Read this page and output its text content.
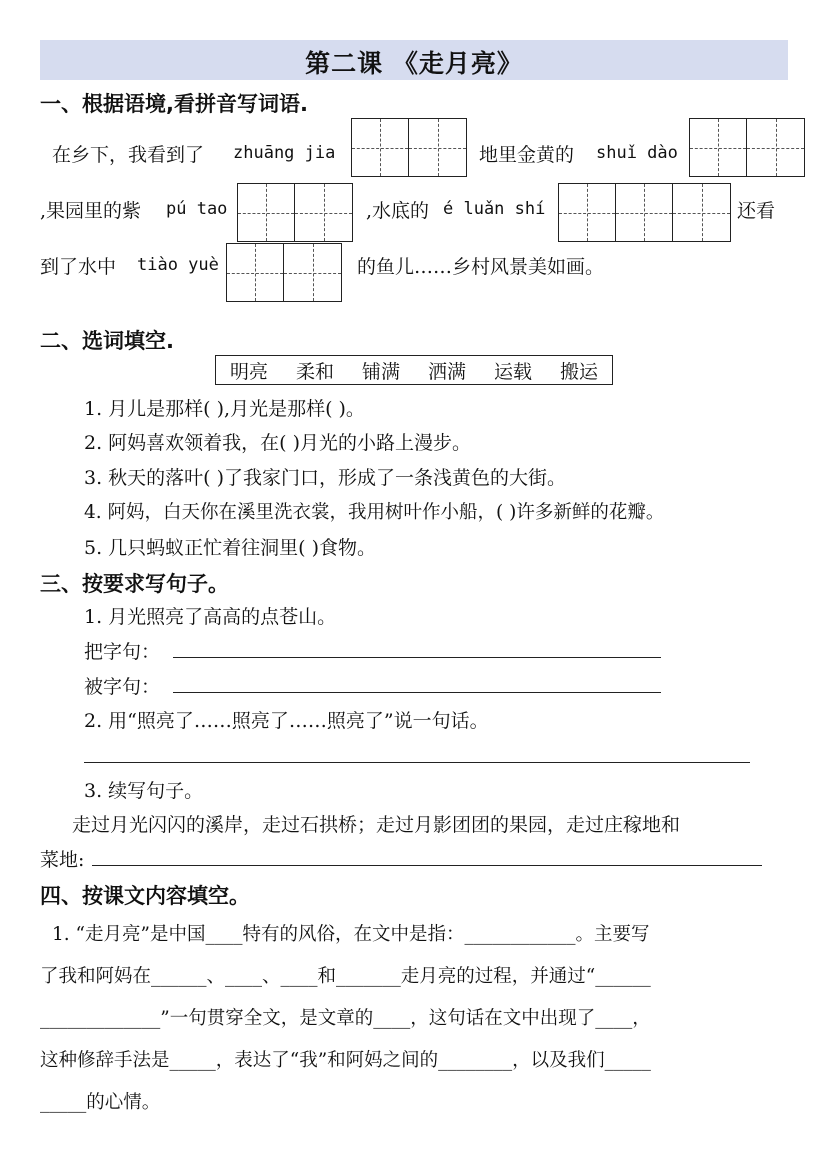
第二课 《走月亮》
一、根据语境,看拼音写词语.
在乡下，我看到了 zhuāng jia	地里金黄的 shuǐ dào
,果园里的紫 pú tao	,水底的 é luǎn shí	还看
到了水中 tiào yuè	的鱼儿……乡村风景美如画。
二、选词填空.
明亮 柔和 铺满 洒满 运载 搬运
1. 月儿是那样( ),月光是那样( )。
2. 阿妈喜欢领着我，在( )月光的小路上漫步。
3. 秋天的落叶( )了我家门口，形成了一条浅黄色的大街。
4. 阿妈，白天你在溪里洗衣裳，我用树叶作小船，( )许多新鲜的花瓣。
5. 几只蚂蚁正忙着往洞里( )食物。
三、按要求写句子。
1. 月光照亮了高高的点苍山。
把字句：
被字句：
2. 用“照亮了……照亮了……照亮了”说一句话。
3. 续写句子。
走过月光闪闪的溪岸，走过石拱桥；走过月影团团的果园，走过庄稼地和
菜地:
四、按课文内容填空。
1. “走月亮”是中国____特有的风俗，在文中是指：____________。主要写
了我和阿妈在______、____、____和_______走月亮的过程，并通过“______
_____________”一句贯穿全文，是文章的____，这句话在文中出现了____，
这种修辞手法是_____，表达了“我”和阿妈之间的________，以及我们_____
_____的心情。
